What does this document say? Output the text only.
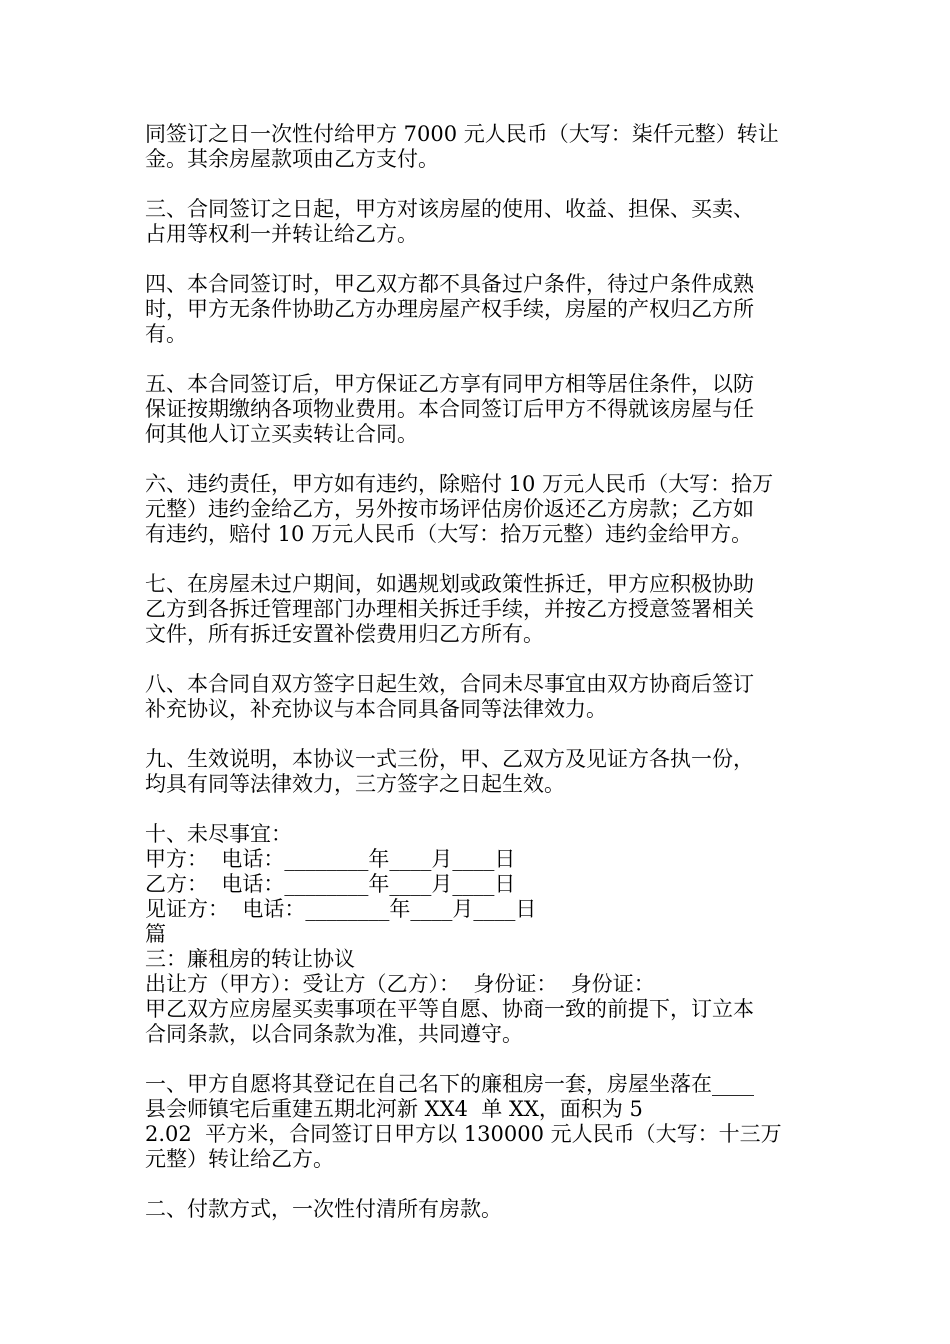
同签订之日一次性付给甲方 7000 元人民币（大写：柒仟元整）转让
金。其余房屋款项由乙方支付。
三、合同签订之日起，甲方对该房屋的使用、收益、担保、买卖、
占用等权利一并转让给乙方。
四、本合同签订时，甲乙双方都不具备过户条件，待过户条件成熟
时，甲方无条件协助乙方办理房屋产权手续，房屋的产权归乙方所
有。
五、本合同签订后，甲方保证乙方享有同甲方相等居住条件，以防
保证按期缴纳各项物业费用。本合同签订后甲方不得就该房屋与任
何其他人订立买卖转让合同。
六、违约责任，甲方如有违约，除赔付 10 万元人民币（大写：拾万
元整）违约金给乙方，另外按市场评估房价返还乙方房款；乙方如
有违约，赔付 10 万元人民币（大写：拾万元整）违约金给甲方。
七、在房屋未过户期间，如遇规划或政策性拆迁，甲方应积极协助
乙方到各拆迁管理部门办理相关拆迁手续，并按乙方授意签署相关
文件，所有拆迁安置补偿费用归乙方所有。
八、本合同自双方签字日起生效，合同未尽事宜由双方协商后签订
补充协议，补充协议与本合同具备同等法律效力。
九、生效说明，本协议一式三份，甲、乙双方及见证方各执一份，
均具有同等法律效力，三方签字之日起生效。
十、未尽事宜：
甲方：  电话：________年____月____日
乙方：  电话：________年____月____日
见证方：  电话：________年____月____日
篇
三：廉租房的转让协议
出让方（甲方）：受让方（乙方）：  身份证：  身份证：
甲乙双方应房屋买卖事项在平等自愿、协商一致的前提下，订立本
合同条款，以合同条款为准，共同遵守。
一、甲方自愿将其登记在自己名下的廉租房一套，房屋坐落在____
县会师镇宅后重建五期北河新 XX4  单 XX，面积为 5
2.02  平方米，合同签订日甲方以 130000 元人民币（大写：十三万
元整）转让给乙方。
二、付款方式，一次性付清所有房款。
